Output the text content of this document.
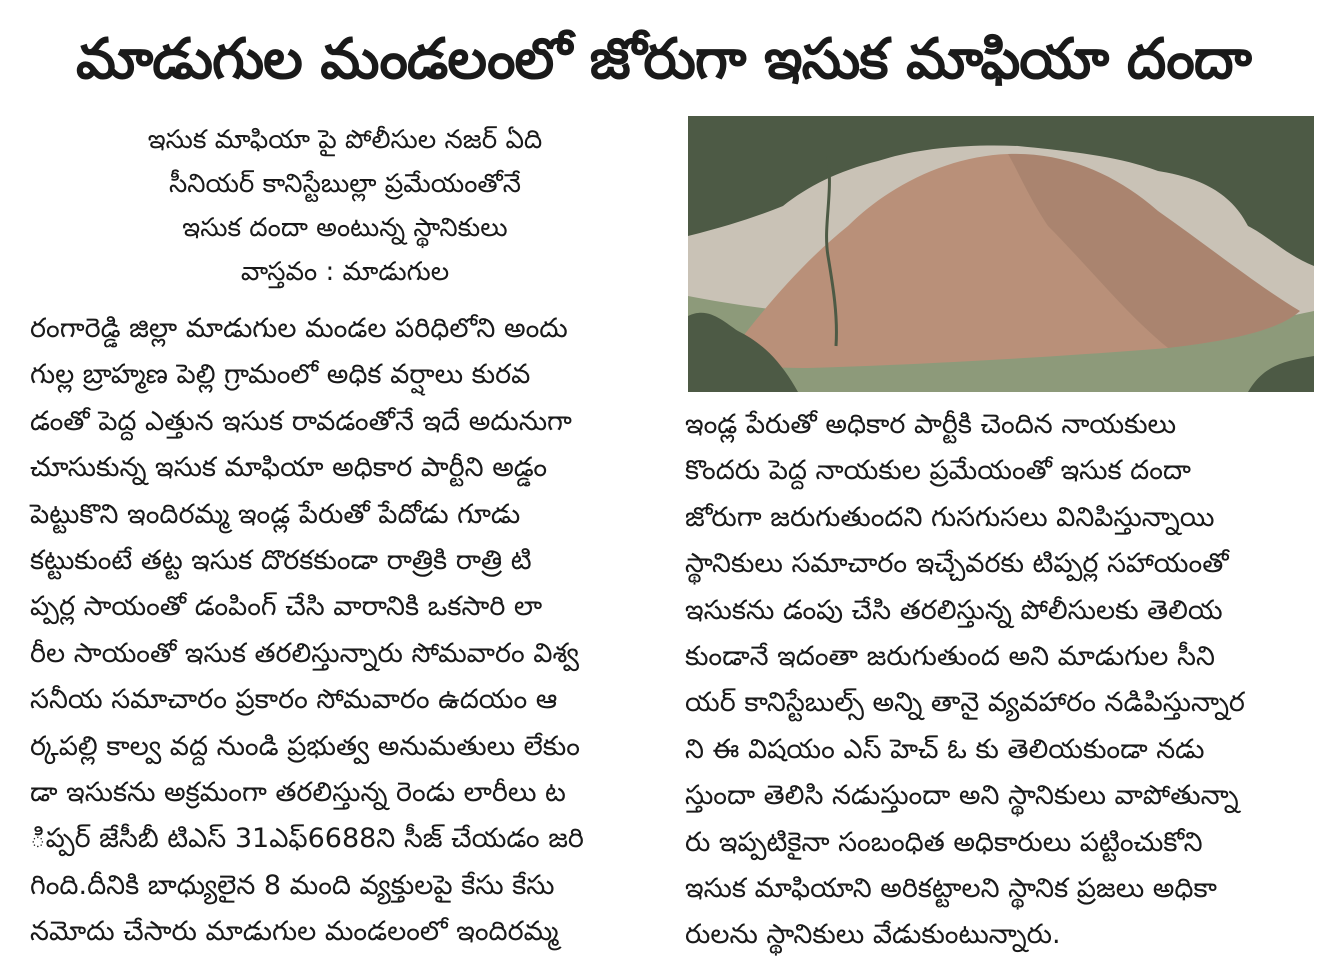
మాడుగుల మండలంలో జోరుగా ఇసుక మాఫియా దందా
ఇసుక మాఫియా పై పోలీసుల నజర్ ఏది
సీనియర్ కానిస్టేబుల్లా ప్రమేయంతోనే
ఇసుక దందా అంటున్న స్థానికులు
వాస్తవం : మాడుగుల
రంగారెడ్డి జిల్లా మాడుగుల మండల పరిధిలోని అందు
గుల్ల బ్రాహ్మణ పెల్లి గ్రామంలో అధిక వర్షాలు కురవ
డంతో పెద్ద ఎత్తున ఇసుక రావడంతోనే ఇదే అదునుగా
చూసుకున్న ఇసుక మాఫియా అధికార పార్టీని అడ్డం
పెట్టుకొని ఇందిరమ్మ ఇండ్ల పేరుతో పేదోడు గూడు
కట్టుకుంటే తట్ట ఇసుక దొరకకుండా రాత్రికి రాత్రి టి
ప్పర్ల సాయంతో డంపింగ్ చేసి వారానికి ఒకసారి లా
రీల సాయంతో ఇసుక తరలిస్తున్నారు సోమవారం విశ్వ
సనీయ సమాచారం ప్రకారం సోమవారం ఉదయం ఆ
ర్కపల్లి కాల్వ వద్ద నుండి ప్రభుత్వ అనుమతులు లేకుం
డా ఇసుకను అక్రమంగా తరలిస్తున్న రెండు లారీలు ట
ిప్పర్ జేసీబీ టిఎస్ 31ఎఫ్6688ని సీజ్ చేయడం జరి
గింది.దీనికి బాధ్యులైన 8 మంది వ్యక్తులపై కేసు కేసు
నమోదు చేసారు మాడుగుల మండలంలో ఇందిరమ్మ
ఇండ్ల పేరుతో అధికార పార్టీకి చెందిన నాయకులు
కొందరు పెద్ద నాయకుల ప్రమేయంతో ఇసుక దందా
జోరుగా జరుగుతుందని గుసగుసలు వినిపిస్తున్నాయి
స్థానికులు సమాచారం ఇచ్చేవరకు టిప్పర్ల సహాయంతో
ఇసుకను డంపు చేసి తరలిస్తున్న పోలీసులకు తెలియ
కుండానే ఇదంతా జరుగుతుంద అని మాడుగుల సీని
యర్ కానిస్టేబుల్స్ అన్ని తానై వ్యవహారం నడిపిస్తున్నార
ని ఈ విషయం ఎస్ హెచ్ ఓ కు తెలియకుండా నడు
స్తుందా తెలిసి నడుస్తుందా అని స్థానికులు వాపోతున్నా
రు ఇప్పటికైనా సంబంధిత అధికారులు పట్టించుకోని
ఇసుక మాఫియాని అరికట్టాలని స్థానిక ప్రజలు అధికా
రులను స్థానికులు వేడుకుంటున్నారు.
